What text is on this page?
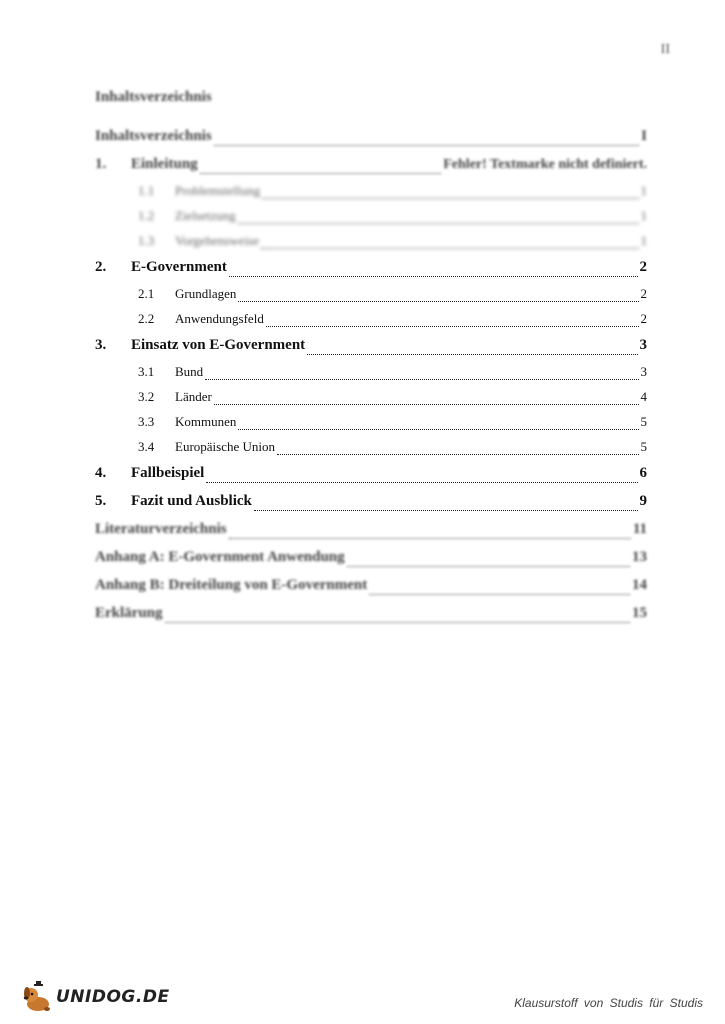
II
Inhaltsverzeichnis
Inhaltsverzeichnis	I
1.	Einleitung	Fehler! Textmarke nicht definiert.
1.1	Problemstellung	1
1.2	Zielsetzung	1
1.3	Vorgehensweise	1
2.	E-Government	2
2.1	Grundlagen	2
2.2	Anwendungsfeld	2
3.	Einsatz von E-Government	3
3.1	Bund	3
3.2	Länder	4
3.3	Kommunen	5
3.4	Europäische Union	5
4.	Fallbeispiel	6
5.	Fazit und Ausblick	9
Literaturverzeichnis	11
Anhang A: E-Government Anwendung	13
Anhang B: Dreiteilung von E-Government	14
Erklärung	15
UNIDOG.DE	Klausurstoff von Studis für Studis
